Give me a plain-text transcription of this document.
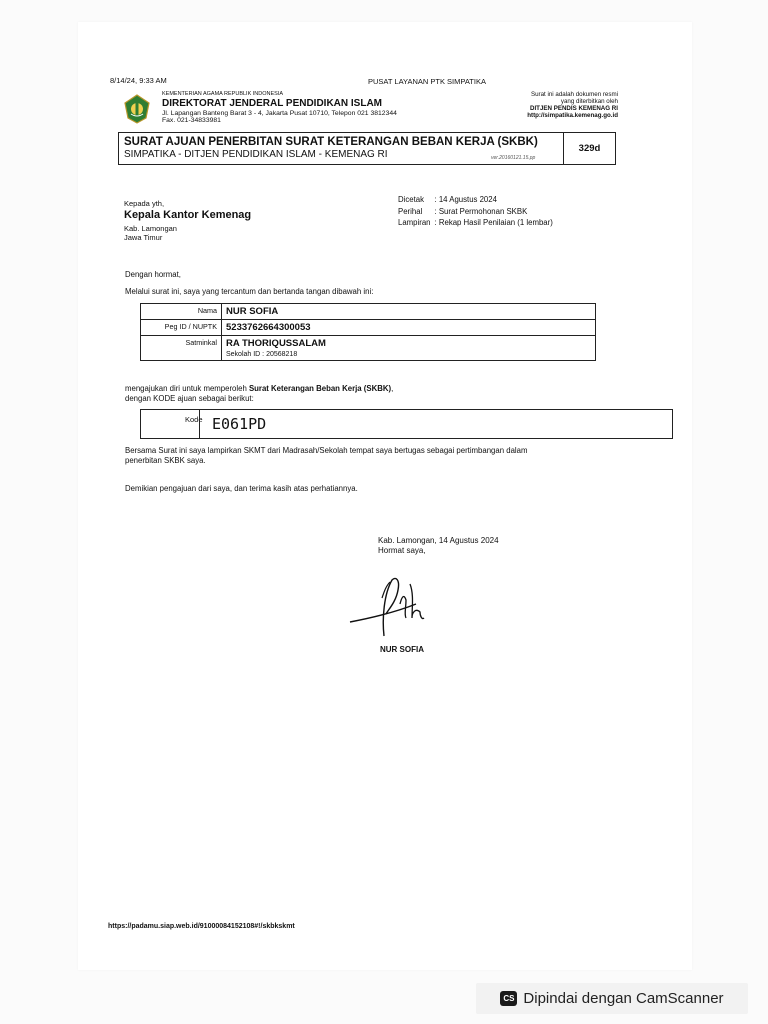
8/14/24, 9:33 AM	PUSAT LAYANAN PTK SIMPATIKA
KEMENTERIAN AGAMA REPUBLIK INDONESIA
DIREKTORAT JENDERAL PENDIDIKAN ISLAM
Jl. Lapangan Banteng Barat 3 - 4, Jakarta Pusat 10710, Telepon 021 3812344
Fax. 021-34833981
Surat ini adalah dokumen resmi
yang diterbitkan oleh
DITJEN PENDIS KEMENAG RI
http://simpatika.kemenag.go.id
SURAT AJUAN PENERBITAN SURAT KETERANGAN BEBAN KERJA (SKBK)
SIMPATIKA - DITJEN PENDIDIKAN ISLAM - KEMENAG RI	ver.20160121.15.pp
329d
Kepada yth,
Kepala Kantor Kemenag
Kab. Lamongan
Jawa Timur
Dicetak	: 14 Agustus 2024
Perihal	: Surat Permohonan SKBK
Lampiran	: Rekap Hasil Penilaian (1 lembar)
Dengan hormat,
Melalui surat ini, saya yang tercantum dan bertanda tangan dibawah ini:
Nama	NUR SOFIA
Peg ID / NUPTK	5233762664300053
Satminkal	RA THORIQUSSALAM
Sekolah ID : 20568218
mengajukan diri untuk memperoleh Surat Keterangan Beban Kerja (SKBK),
dengan KODE ajuan sebagai berikut:
Kode E061PD
Bersama Surat ini saya lampirkan SKMT dari Madrasah/Sekolah tempat saya bertugas sebagai pertimbangan dalam
penerbitan SKBK saya.
Demikian pengajuan dari saya, dan terima kasih atas perhatiannya.
Kab. Lamongan, 14 Agustus 2024
Hormat saya,
NUR SOFIA
https://padamu.siap.web.id/91000084152108#!/skbkskmt
CS Dipindai dengan CamScanner
